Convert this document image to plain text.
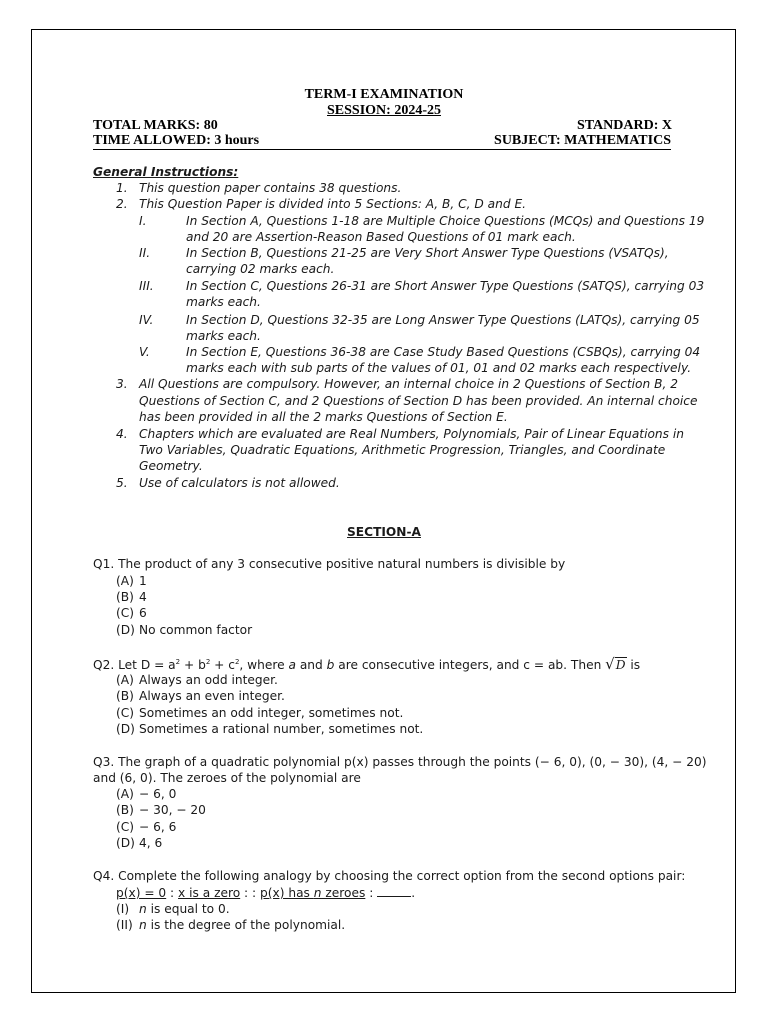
TERM-I EXAMINATION
SESSION: 2024-25
TOTAL MARKS: 80	STANDARD: X
TIME ALLOWED: 3 hours	SUBJECT: MATHEMATICS
General Instructions:
1. This question paper contains 38 questions.
2. This Question Paper is divided into 5 Sections: A, B, C, D and E.
I.	In Section A, Questions 1-18 are Multiple Choice Questions (MCQs) and Questions 19
and 20 are Assertion-Reason Based Questions of 01 mark each.
II.	In Section B, Questions 21-25 are Very Short Answer Type Questions (VSATQs),
carrying 02 marks each.
III.	In Section C, Questions 26-31 are Short Answer Type Questions (SATQS), carrying 03
marks each.
IV.	In Section D, Questions 32-35 are Long Answer Type Questions (LATQs), carrying 05
marks each.
V.	In Section E, Questions 36-38 are Case Study Based Questions (CSBQs), carrying 04
marks each with sub parts of the values of 01, 01 and 02 marks each respectively.
3. All Questions are compulsory. However, an internal choice in 2 Questions of Section B, 2
Questions of Section C, and 2 Questions of Section D has been provided. An internal choice
has been provided in all the 2 marks Questions of Section E.
4. Chapters which are evaluated are Real Numbers, Polynomials, Pair of Linear Equations in
Two Variables, Quadratic Equations, Arithmetic Progression, Triangles, and Coordinate
Geometry.
5. Use of calculators is not allowed.
SECTION-A
Q1. The product of any 3 consecutive positive natural numbers is divisible by
(A) 1
(B) 4
(C) 6
(D) No common factor
Q2. Let $D = a^2 + b^2 + c^2$, where a and b are consecutive integers, and c = ab. Then √D is
(A) Always an odd integer.
(B) Always an even integer.
(C) Sometimes an odd integer, sometimes not.
(D) Sometimes a rational number, sometimes not.
Q3. The graph of a quadratic polynomial p(x) passes through the points (− 6, 0), (0, − 30), (4, − 20)
and (6, 0). The zeroes of the polynomial are
(A) − 6, 0
(B) − 30, − 20
(C) − 6, 6
(D) 4, 6
Q4. Complete the following analogy by choosing the correct option from the second options pair:
p(x) = 0 : x is a zero : : p(x) has n zeroes :	.
(I) n is equal to 0.
(II) n is the degree of the polynomial.
